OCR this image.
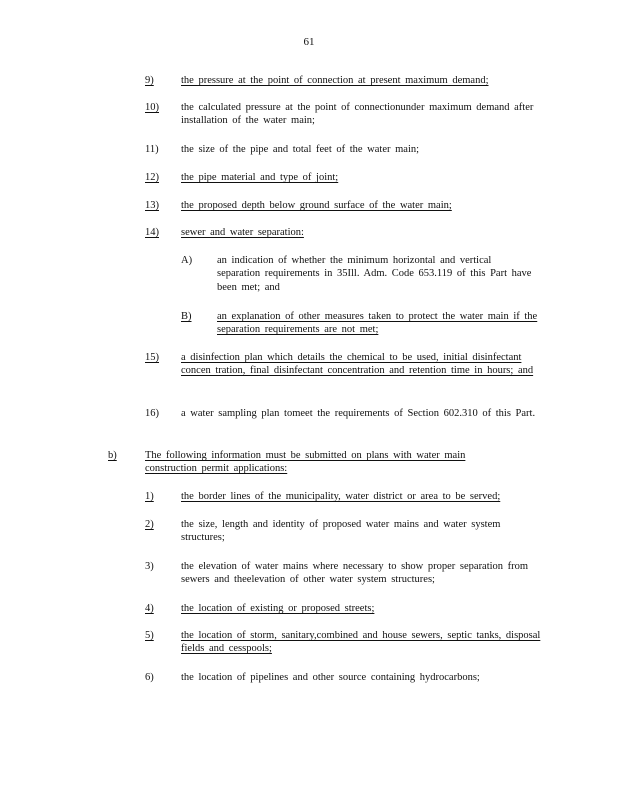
61
9)	the pressure at the point of connection at present maximum demand;
10) the calculated pressure at the point of connectionunder maximum demand after installation of the water main;
11) the size of the pipe and total feet of the water main;
12) the pipe material and type of joint;
13) the proposed depth below ground surface of the water main;
14) sewer and water separation:
A) an indication of whether the minimum horizontal and vertical separation requirements in 35Ill. Adm. Code 653.119 of this Part have been met; and
B) an explanation of other measures taken to protect the water main if the separation requirements are not met;
15) a disinfection plan which details the chemical to be used, initial disinfectant concen tration, final disinfectant concentration and retention time in hours; and
16) a water sampling plan tomeet the requirements of Section 602.310 of this Part.
b)	The following information must be submitted on plans with water main construction permit applications:
1)	the border lines of the municipality, water district or area to be served;
2)	the size, length and identity of proposed water mains and water system structures;
3)	the elevation of water mains where necessary to show proper separation from sewers and theelevation of other water system structures;
4)	the location of existing or proposed streets;
5)	the location of storm, sanitary,combined and house sewers, septic tanks, disposal fields and cesspools;
6)	the location of pipelines and other source containing hydrocarbons;
